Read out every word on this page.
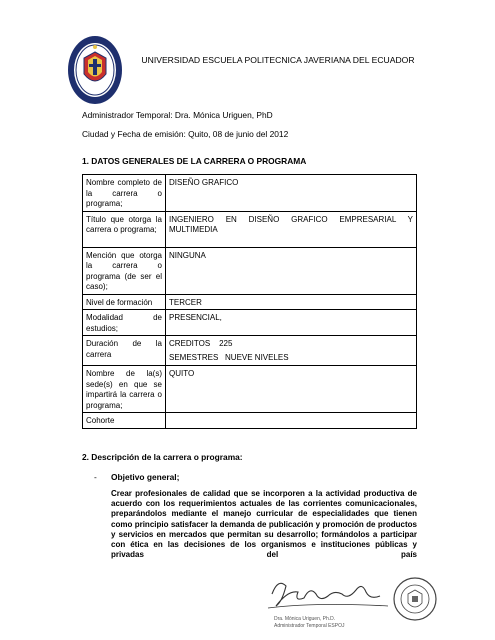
UNIVERSIDAD ESCUELA POLITECNICA JAVERIANA DEL ECUADOR
Administrador Temporal: Dra. Mónica Uriguen, PhD
Ciudad y Fecha de emisión: Quito, 08 de junio del 2012
1. DATOS GENERALES DE LA CARRERA O PROGRAMA
Nombre completo de la carrera o programa;	DISEÑO GRAFICO
Título que otorga la carrera o programa;	INGENIERO EN DISEÑO GRAFICO EMPRESARIAL Y MULTIMEDIA
Mención que otorga la carrera o programa (de ser el caso);	NINGUNA
Nivel de formación	TERCER
Modalidad de estudios;	PRESENCIAL,
Duración de la carrera	CREDITOS    225
SEMESTRES   NUEVE NIVELES

Nombre de la(s) sede(s) en que se impartirá la carrera o programa;	QUITO
Cohorte	
2. Descripción de la carrera o programa:
- Objetivo general;
Crear profesionales de calidad que se incorporen a la actividad productiva de acuerdo con los requerimientos actuales de las corrientes comunicacionales, preparándolos mediante el manejo curricular de especialidades que tienen como principio satisfacer la demanda de publicación y promoción de productos y servicios en mercados que permitan su desarrollo; formándolos a participar con ética en las decisiones de los organismos e instituciones públicas y privadas del país
Dra. Mónica Uriguen, Ph.D.
Administrador Temporal ESPOJ
